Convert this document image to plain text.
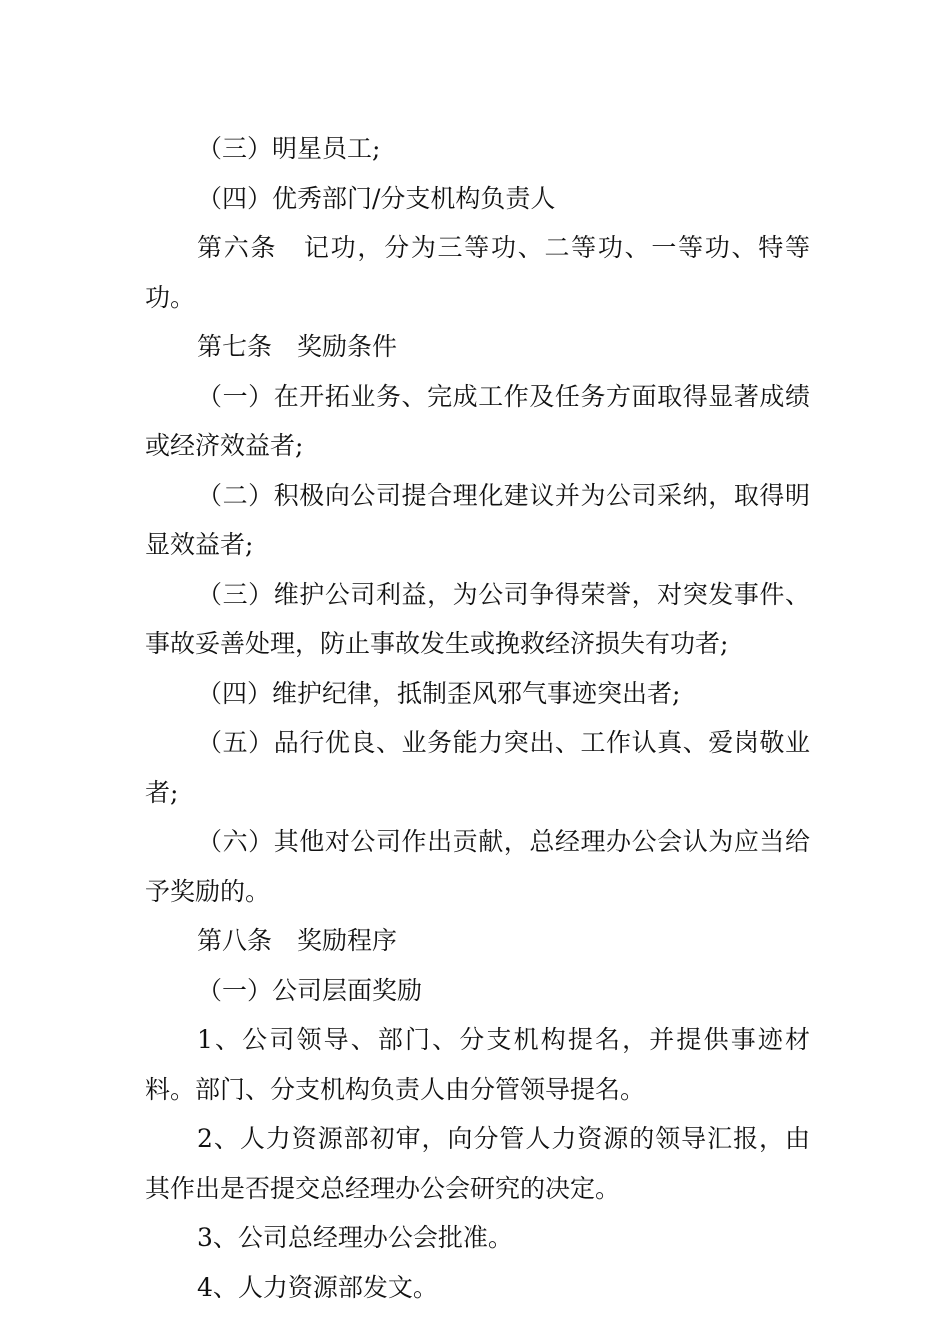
（三）明星员工;

（四）优秀部门/分支机构负责人

第六条　记功，分为三等功、二等功、一等功、特等功。

第七条　奖励条件

（一）在开拓业务、完成工作及任务方面取得显著成绩或经济效益者;

（二）积极向公司提合理化建议并为公司采纳，取得明显效益者;

（三）维护公司利益，为公司争得荣誉，对突发事件、事故妥善处理，防止事故发生或挽救经济损失有功者;

（四）维护纪律，抵制歪风邪气事迹突出者;

（五）品行优良、业务能力突出、工作认真、爱岗敬业者;

（六）其他对公司作出贡献，总经理办公会认为应当给予奖励的。

第八条　奖励程序

（一）公司层面奖励

1、公司领导、部门、分支机构提名，并提供事迹材料。部门、分支机构负责人由分管领导提名。

2、人力资源部初审，向分管人力资源的领导汇报，由其作出是否提交总经理办公会研究的决定。

3、公司总经理办公会批准。

4、人力资源部发文。
